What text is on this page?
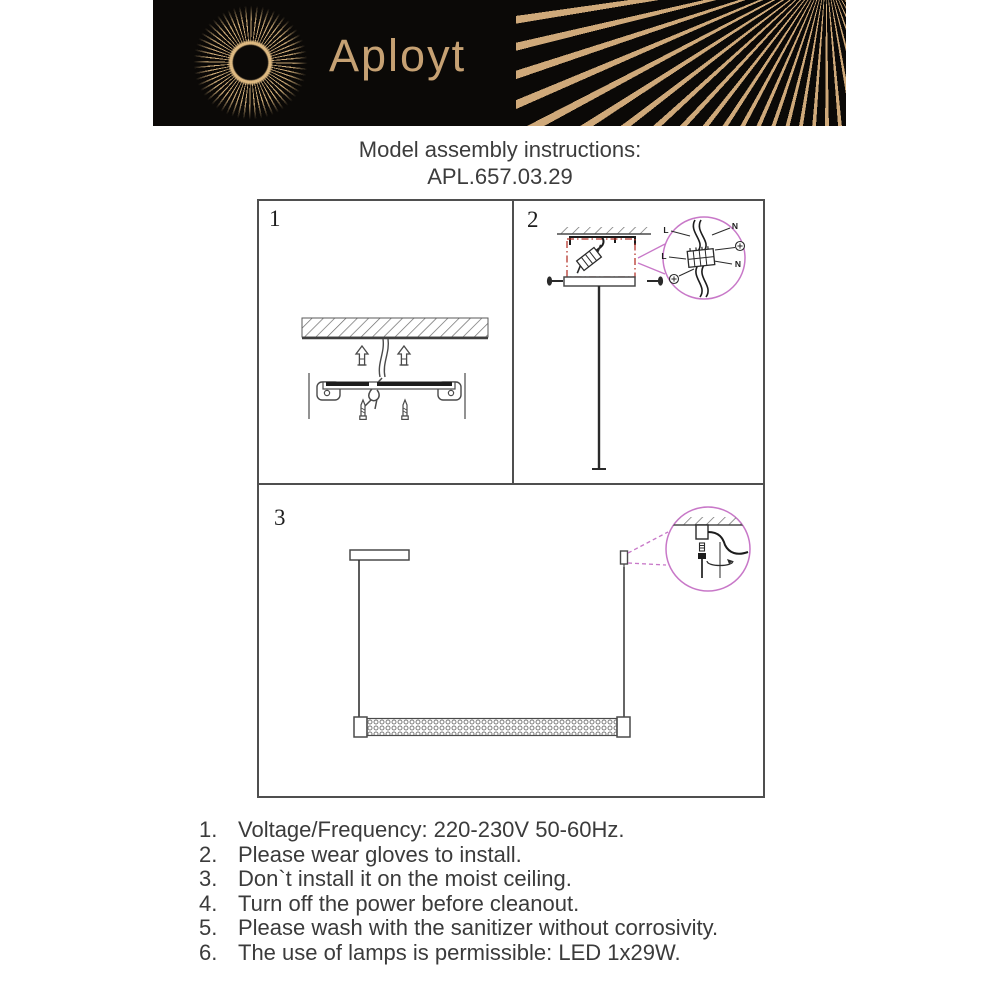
Aployt
Model assembly instructions:
APL.657.03.29
1	2	L	N
L
N
3
1. Voltage/Frequency: 220-230V 50-60Hz.
2. Please wear gloves to install.
3. Don`t install it on the moist ceiling.
4. Turn off the power before cleanout.
5. Please wash with the sanitizer without corrosivity.
6. The use of lamps is permissible: LED 1x29W.
